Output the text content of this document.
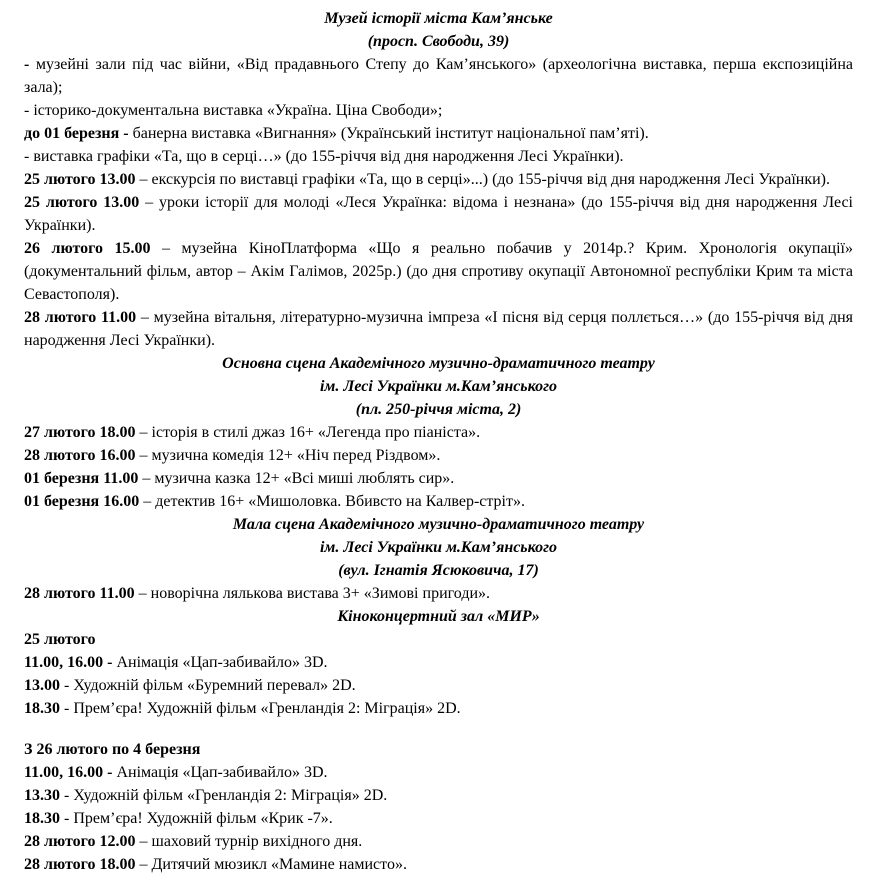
Музей історії міста Кам’янське

(просп. Свободи, 39)

- музейні зали під час війни, «Від прадавнього Степу до Кам’янського» (археологічна виставка, перша експозиційна зала);

- історико-документальна виставка «Україна. Ціна Свободи»;

до 01 березня - банерна виставка «Вигнання» (Український інститут національної пам’яті).

- виставка графіки «Та, що в серці…» (до 155-річчя від дня народження Лесі Українки).

25 лютого 13.00 – екскурсія по виставці графіки «Та, що в серці»...) (до 155-річчя від дня народження Лесі Українки).

25 лютого 13.00 – уроки історії для молоді «Леся Українка: відома і незнана» (до 155-річчя від дня народження Лесі Українки).

26 лютого 15.00 – музейна КіноПлатформа «Що я реально побачив у 2014р.? Крим. Хронологія окупації» (документальний фільм, автор – Акім Галімов, 2025р.) (до дня спротиву окупації Автономної республіки Крим та міста Севастополя).

28 лютого 11.00 – музейна вітальня, літературно-музична імпреза «І пісня від серця поллється…» (до 155-річчя від дня народження Лесі Українки).

Основна сцена Академічного музично-драматичного театру

ім. Лесі Українки м.Кам’янського

(пл. 250-річчя міста, 2)

27 лютого 18.00 – історія в стилі джаз 16+ «Легенда про піаніста».

28 лютого 16.00 – музична комедія 12+ «Ніч перед Різдвом».

01 березня 11.00 – музична казка 12+ «Всі миші люблять сир».

01 березня 16.00 – детектив 16+ «Мишоловка. Вбивсто на Калвер-стріт».

Мала сцена Академічного музично-драматичного театру

ім. Лесі Українки м.Кам’янського

(вул. Ігнатія Ясюковича, 17)

28 лютого 11.00 – новорічна лялькова вистава 3+ «Зимові пригоди».

Кіноконцертний зал «МИР»

25 лютого

11.00, 16.00 - Анімація «Цап-забивайло» 3D.

13.00 - Художній фільм «Буремний перевал» 2D.

18.30 - Прем’єра! Художній фільм «Гренландія 2: Міграція» 2D.

З 26 лютого по 4 березня

11.00, 16.00 - Анімація «Цап-забивайло» 3D.

13.30 - Художній фільм «Гренландія 2: Міграція» 2D.

18.30 - Прем’єра! Художній фільм «Крик -7».

28 лютого 12.00 – шаховий турнір вихідного дня.

28 лютого 18.00 – Дитячий мюзикл «Мамине намисто».
